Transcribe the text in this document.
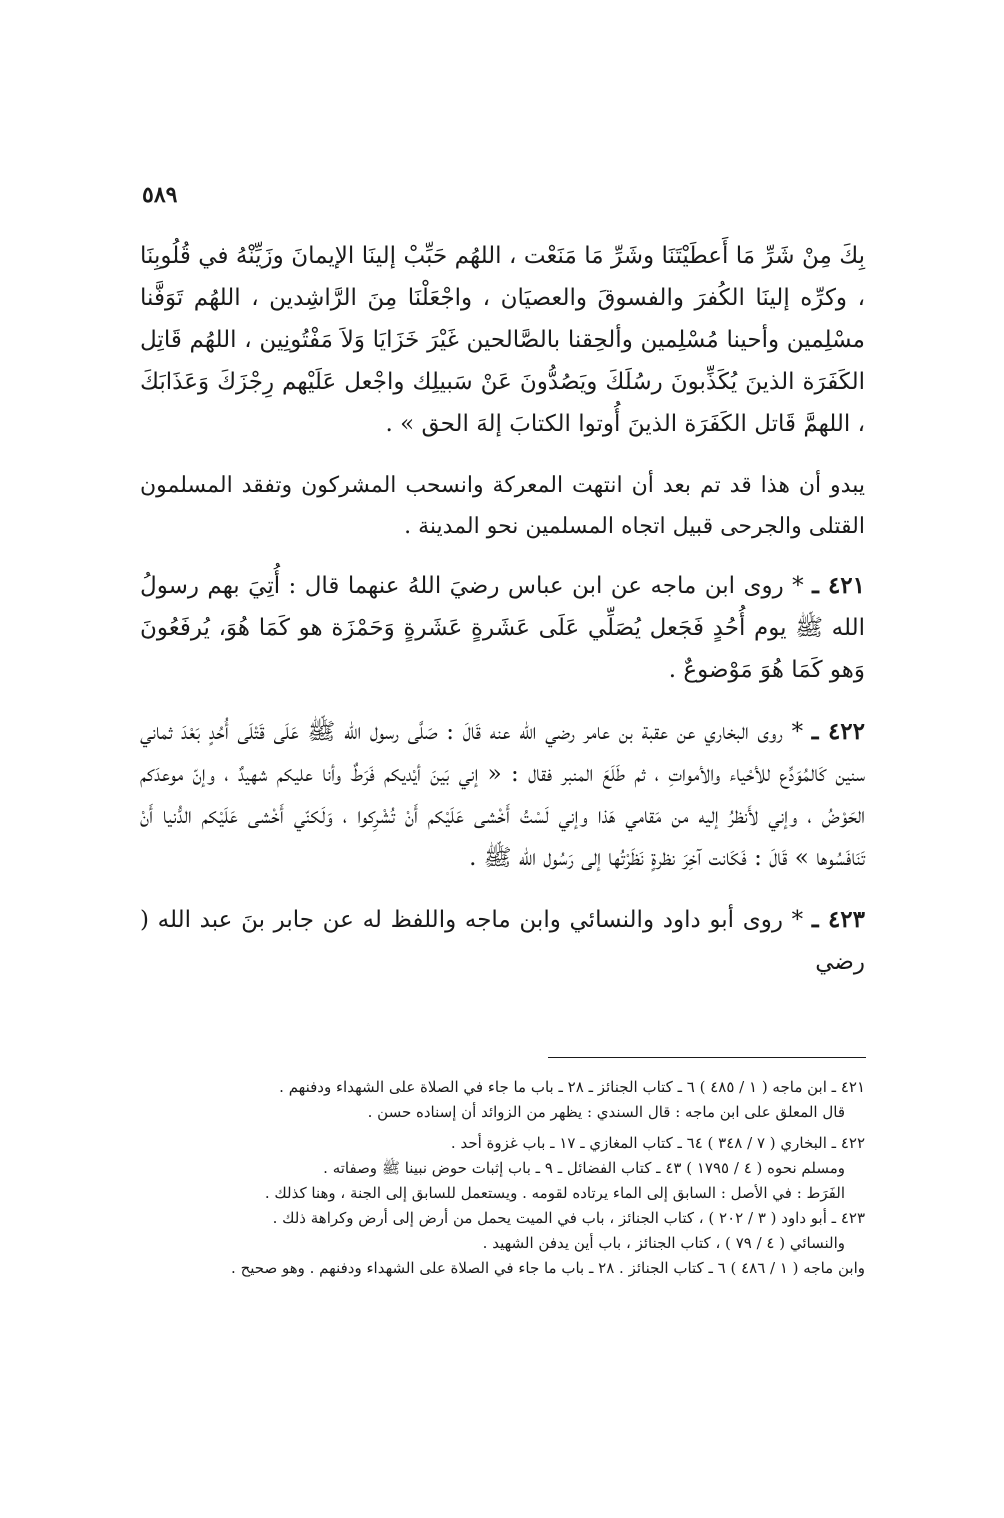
٥٨٩

بِكَ مِنْ شَرِّ مَا أَعطَيْتَنَا وشَرِّ مَا مَنَعْت ، اللهُم حَبِّبْ إلينَا الإيمانَ وزَيِّنْهُ في قُلُوبِنَا ، وكرِّه إلينَا الكُفرَ والفسوقَ والعصيَان ، واجْعَلْنَا مِنَ الرَّاشِدين ، اللهُم تَوَفَّنا مسْلِمين وأحينا مُسْلِمين وألحِقنا بالصَّالحين غَيْرَ خَزَايَا وَلاَ مَفْتُونِين ، اللهُم قَاتِل الكَفَرَة الذينَ يُكَذِّبونَ رسُلَكَ ويَصُدُّونَ عَنْ سَبيلِك واجْعل عَلَيْهم رِجْزَكَ وَعَذَابَكَ ، اللهمَّ قَاتل الكَفَرَة الذينَ أُوتوا الكتابَ إلهَ الحق » .

يبدو أن هذا قد تم بعد أن انتهت المعركة وانسحب المشركون وتفقد المسلمون القتلى والجرحى قبيل اتجاه المسلمين نحو المدينة .

٤٢١ ـ * روى ابن ماجه عن ابن عباس رضيَ اللهُ عنهما قال : أُتِيَ بهم رسولُ الله ﷺ يوم أُحُدٍ فَجَعل يُصَلِّي عَلَى عَشَرةٍ عَشَرةٍ وَحَمْزَة هو كَمَا هُوَ، يُرفَعُونَ وَهو كَمَا هُوَ مَوْضوعٌ .

٤٢٢ ـ * روى البخاري عن عقبة بن عامر رضي الله عنه قَالَ : صَلَّى رسول الله ﷺ عَلَى قَتْلَى أُحُدٍ بَعْدَ ثماني سنين كَالمُوَدِّع للأحْياء والأمواتِ ، ثم طَلَعَ المنبر فقال : « إني بَينَ أيْديكم فَرَطٌ وأنا عليكم شهيدٌ ، وإنّ موعدَكم الحَوْضُ ، وإني لأَنظرُ إليه من مَقامي هَذا وإني لَسْتُ أَخْشى عَلَيْكم أَنْ تُشْرِكوا ، وَلَكنّي أَخْشى عَلَيْكم الدُّنيا أَنْ تَنَافَسُوها » قَالَ : فَكَانت آخِرَ نظرةٍ نَظَرْتُها إلى رَسُول الله ﷺ .

٤٢٣ ـ * روى أبو داود والنسائي وابن ماجه واللفظ له عن جابر بنَ عبد الله ( رضي

٤٢١ ـ ابن ماجه ( ١ / ٤٨٥ ) ٦ ـ كتاب الجنائز ـ ٢٨ ـ باب ما جاء في الصلاة على الشهداء ودفنهم .

قال المعلق على ابن ماجه : قال السندي : يظهر من الزوائد أن إسناده حسن .

٤٢٢ ـ البخاري ( ٧ / ٣٤٨ ) ٦٤ ـ كتاب المغازي ـ ١٧ ـ باب غزوة أحد .

ومسلم نحوه ( ٤ / ١٧٩٥ ) ٤٣ ـ كتاب الفضائل ـ ٩ ـ باب إثبات حوض نبينا ﷺ وصفاته .

الفَرَط : في الأصل : السابق إلى الماء يرتاده لقومه . ويستعمل للسابق إلى الجنة ، وهنا كذلك .

٤٢٣ ـ أبو داود ( ٣ / ٢٠٢ ) ، كتاب الجنائز ، باب في الميت يحمل من أرض إلى أرض وكراهة ذلك .

والنسائي ( ٤ / ٧٩ ) ، كتاب الجنائز ، باب أين يدفن الشهيد .

وابن ماجه ( ١ / ٤٨٦ ) ٦ ـ كتاب الجنائز . ٢٨ ـ باب ما جاء في الصلاة على الشهداء ودفنهم . وهو صحيح .
